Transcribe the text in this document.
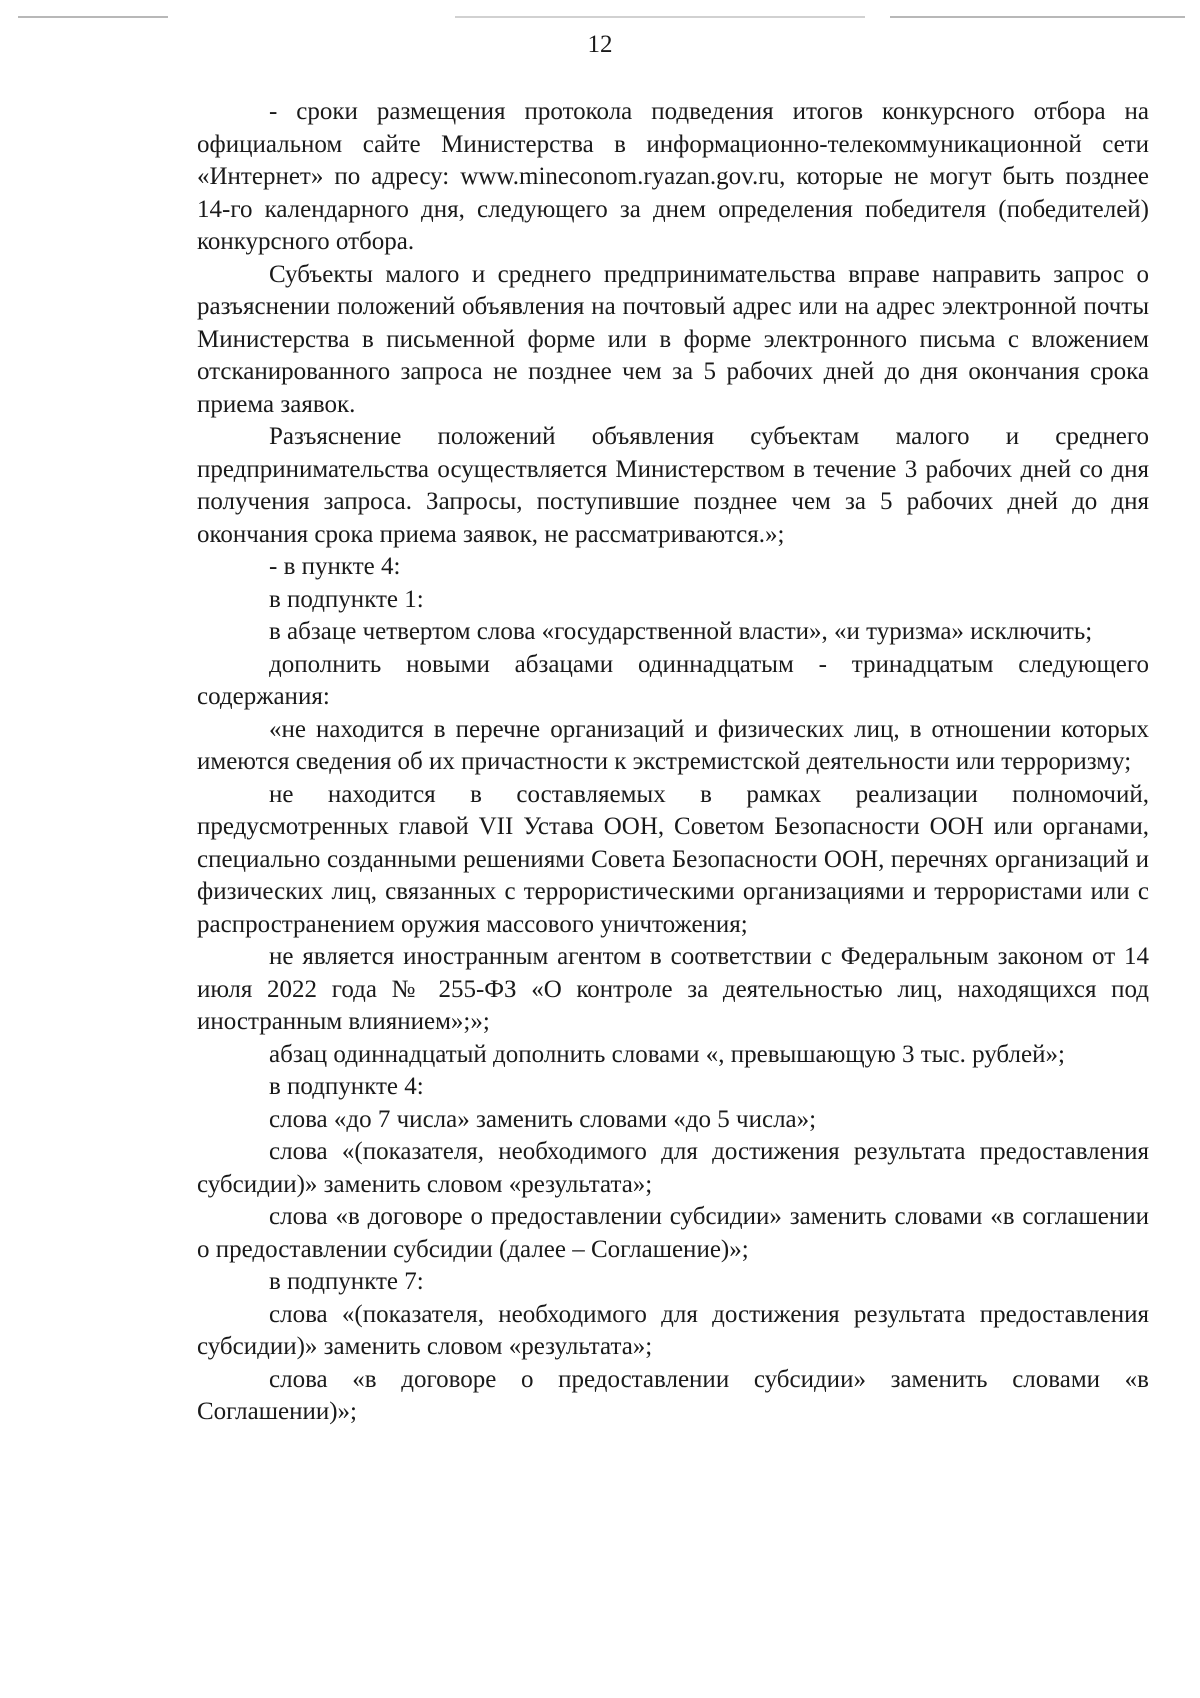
12

- сроки размещения протокола подведения итогов конкурсного отбора на официальном сайте Министерства в информационно-телекоммуникационной сети «Интернет» по адресу: www.mineconom.ryazan.gov.ru, которые не могут быть позднее 14-го календарного дня, следующего за днем определения победителя (победителей) конкурсного отбора.

Субъекты малого и среднего предпринимательства вправе направить запрос о разъяснении положений объявления на почтовый адрес или на адрес электронной почты Министерства в письменной форме или в форме электронного письма с вложением отсканированного запроса не позднее чем за 5 рабочих дней до дня окончания срока приема заявок.

Разъяснение положений объявления субъектам малого и среднего предпринимательства осуществляется Министерством в течение 3 рабочих дней со дня получения запроса. Запросы, поступившие позднее чем за 5 рабочих дней до дня окончания срока приема заявок, не рассматриваются.»;

- в пункте 4:

в подпункте 1:

в абзаце четвертом слова «государственной власти», «и туризма» исключить;

дополнить новыми абзацами одиннадцатым - тринадцатым следующего содержания:

«не находится в перечне организаций и физических лиц, в отношении которых имеются сведения об их причастности к экстремистской деятельности или терроризму;

не находится в составляемых в рамках реализации полномочий, предусмотренных главой VII Устава ООН, Советом Безопасности ООН или органами, специально созданными решениями Совета Безопасности ООН, перечнях организаций и физических лиц, связанных с террористическими организациями и террористами или с распространением оружия массового уничтожения;

не является иностранным агентом в соответствии с Федеральным законом от 14 июля 2022 года № 255-ФЗ «О контроле за деятельностью лиц, находящихся под иностранным влиянием»;»;

абзац одиннадцатый дополнить словами «, превышающую 3 тыс. рублей»;

в подпункте 4:

слова «до 7 числа» заменить словами «до 5 числа»;

слова «(показателя, необходимого для достижения результата предоставления субсидии)» заменить словом «результата»;

слова «в договоре о предоставлении субсидии» заменить словами «в соглашении о предоставлении субсидии (далее – Соглашение)»;

в подпункте 7:

слова «(показателя, необходимого для достижения результата предоставления субсидии)» заменить словом «результата»;

слова «в договоре о предоставлении субсидии» заменить словами «в Соглашении)»;
